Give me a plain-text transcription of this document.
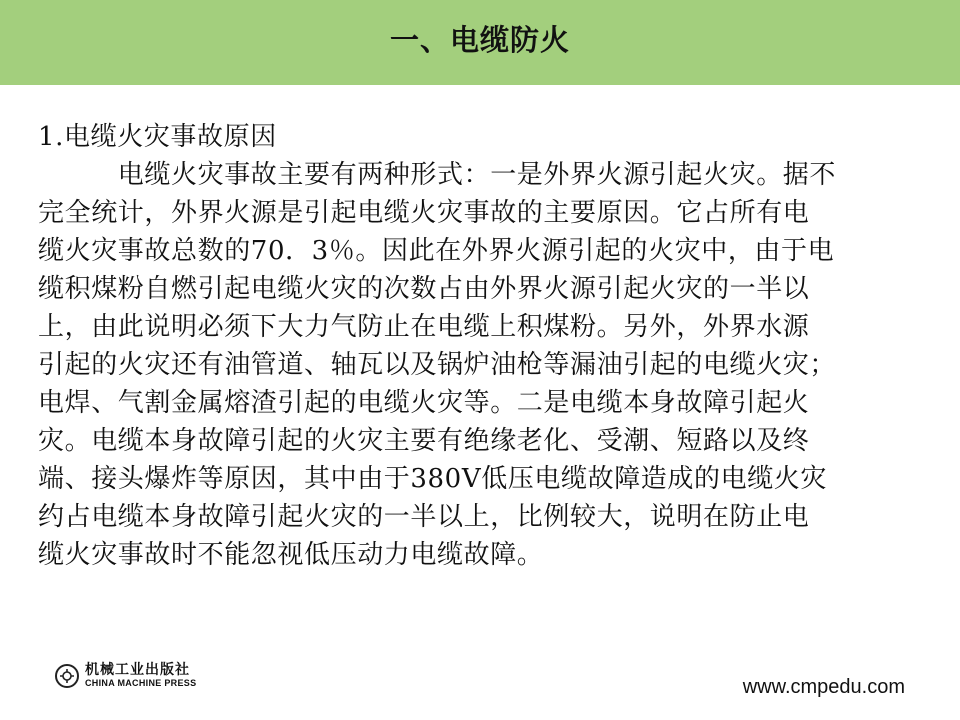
一、电缆防火
1.电缆火灾事故原因
　　　电缆火灾事故主要有两种形式：一是外界火源引起火灾。据不
完全统计，外界火源是引起电缆火灾事故的主要原因。它占所有电
缆火灾事故总数的70．3％。因此在外界火源引起的火灾中，由于电
缆积煤粉自燃引起电缆火灾的次数占由外界火源引起火灾的一半以
上，由此说明必须下大力气防止在电缆上积煤粉。另外，外界水源
引起的火灾还有油管道、轴瓦以及锅炉油枪等漏油引起的电缆火灾；
电焊、气割金属熔渣引起的电缆火灾等。二是电缆本身故障引起火
灾。电缆本身故障引起的火灾主要有绝缘老化、受潮、短路以及终
端、接头爆炸等原因，其中由于380V低压电缆故障造成的电缆火灾
约占电缆本身故障引起火灾的一半以上，比例较大，说明在防止电
缆火灾事故时不能忽视低压动力电缆故障。
机械工业出版社
CHINA MACHINE PRESS	www.cmpedu.com
